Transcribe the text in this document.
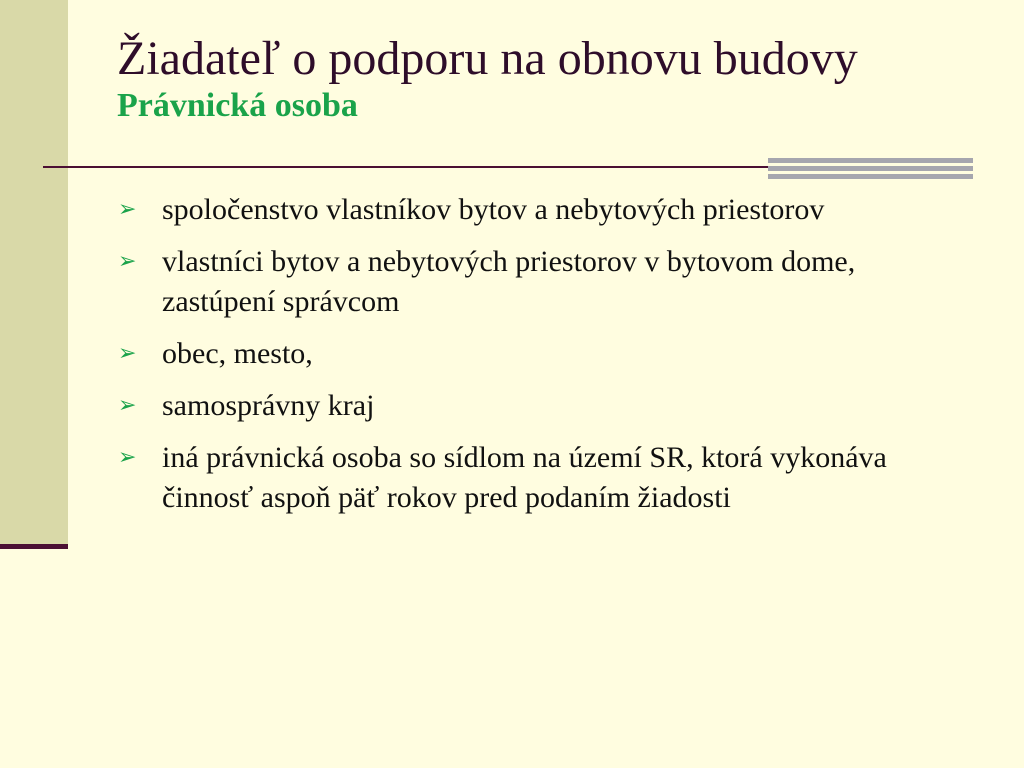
Žiadateľ o podporu na obnovu budovy
Právnická osoba
➢ spoločenstvo vlastníkov bytov a nebytových priestorov
➢ vlastníci bytov a nebytových priestorov v bytovom dome, zastúpení správcom
➢ obec, mesto,
➢ samosprávny kraj
➢ iná právnická osoba so sídlom na území SR, ktorá vykonáva činnosť aspoň päť rokov pred podaním žiadosti
